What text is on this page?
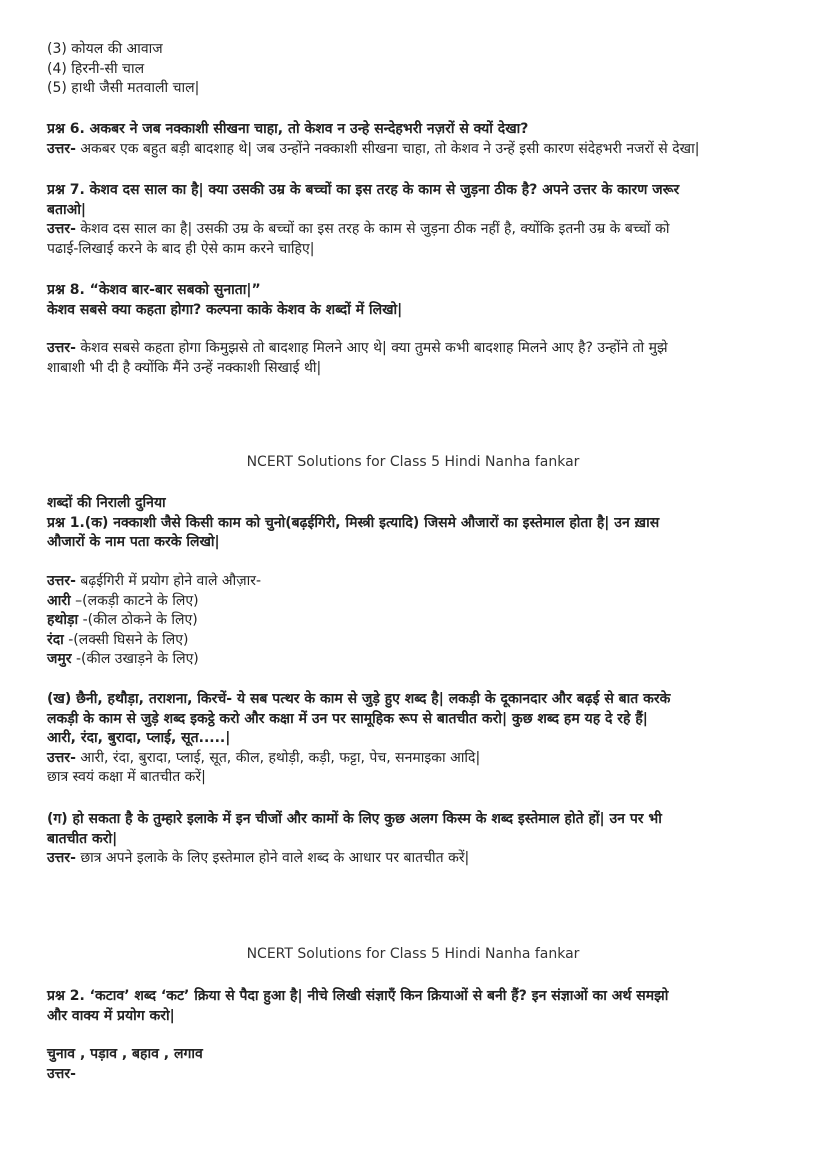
(3) कोयल की आवाज
(4) हिरनी-सी चाल
(5) हाथी जैसी मतवाली चाल|
प्रश्न 6. अकबर ने जब नक्काशी सीखना चाहा, तो केशव न उन्हे सन्देहभरी नज़रों से क्यों देखा?
उत्तर- अकबर एक बहुत बड़ी बादशाह थे| जब उन्होंने नक्काशी सीखना चाहा, तो केशव ने उन्हें इसी कारण संदेहभरी नजरों से देखा|
प्रश्न 7. केशव दस साल का है| क्या उसकी उम्र के बच्चों का इस तरह के काम से जुड़ना ठीक है? अपने उत्तर के कारण जरूर
बताओ|
उत्तर- केशव दस साल का है| उसकी उम्र के बच्चों का इस तरह के काम से जुड़ना ठीक नहीं है, क्योंकि इतनी उम्र के बच्चों को
पढाई-लिखाई करने के बाद ही ऐसे काम करने चाहिए|
प्रश्न 8. “केशव बार-बार सबको सुनाता|”
केशव सबसे क्या कहता होगा? कल्पना काके केशव के शब्दों में लिखो|
उत्तर- केशव सबसे कहता होगा किमुझसे तो बादशाह मिलने आए थे| क्या तुमसे कभी बादशाह मिलने आए है? उन्होंने तो मुझे
शाबाशी भी दी है क्योंकि मैंने उन्हें नक्काशी सिखाई थी|
NCERT Solutions for Class 5 Hindi Nanha fankar
शब्दों की निराली दुनिया
प्रश्न 1.(क) नक्काशी जैसे किसी काम को चुनो(बढ़ईगिरी, मिस्त्री इत्यादि) जिसमे औजारों का इस्तेमाल होता है| उन ख़ास
औजारों के नाम पता करके लिखो|
उत्तर- बढ़ईगिरी में प्रयोग होने वाले औज़ार-
आरी –(लकड़ी काटने के लिए)
हथोड़ा -(कील ठोकने के लिए)
रंदा -(लक्सी घिसने के लिए)
जमुर -(कील उखाड़ने के लिए)
(ख) छैनी, हथौड़ा, तराशना, किरचें- ये सब पत्थर के काम से जुड़े हुए शब्द है| लकड़ी के दूकानदार और बढ़ई से बात करके
लकड़ी के काम से जुड़े शब्द इकट्ठे करो और कक्षा में उन पर सामूहिक रूप से बातचीत करो| कुछ शब्द हम यह दे रहे हैं|
आरी, रंदा, बुरादा, प्लाई, सूत.....|
उत्तर- आरी, रंदा, बुरादा, प्लाई, सूत, कील, हथोड़ी, कड़ी, फट्टा, पेच, सनमाइका आदि|
छात्र स्वयं कक्षा में बातचीत करें|
(ग) हो सकता है के तुम्हारे इलाके में इन चीजों और कामों के लिए कुछ अलग किस्म के शब्द इस्तेमाल होते हों| उन पर भी
बातचीत करो|
उत्तर- छात्र अपने इलाके के लिए इस्तेमाल होने वाले शब्द के आधार पर बातचीत करें|
NCERT Solutions for Class 5 Hindi Nanha fankar
प्रश्न 2. ‘कटाव’ शब्द ‘कट’ क्रिया से पैदा हुआ है| नीचे लिखी संज्ञाएँ किन क्रियाओं से बनी हैं? इन संज्ञाओं का अर्थ समझो
और वाक्य में प्रयोग करो|
चुनाव , पड़ाव , बहाव , लगाव
उत्तर-
